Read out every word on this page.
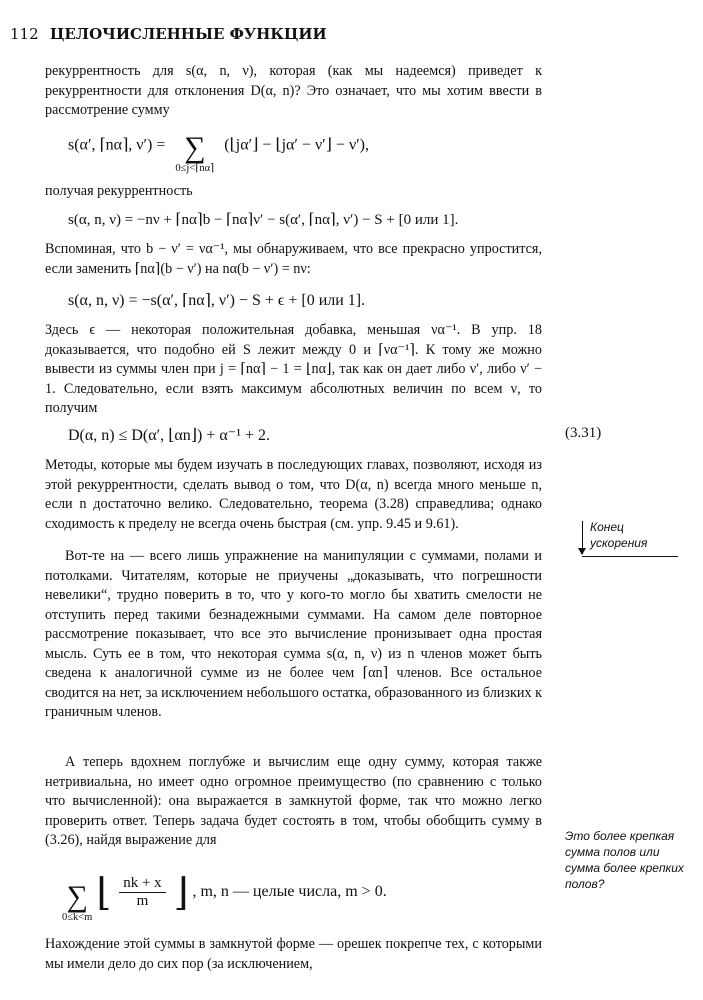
112 ЦЕЛОЧИСЛЕННЫЕ ФУНКЦИИ

рекуррентность для s(α, n, ν), которая (как мы надеемся) приведет к рекуррентности для отклонения D(α, n)? Это означает, что мы хотим ввести в рассмотрение сумму

s(α′, ⌈nα⌉, ν′) = ∑
0≤j<⌈nα⌉
(⌊jα′⌋ − ⌊jα′ − ν′⌋ − ν′),

получая рекуррентность

s(α, n, ν) = −nν + ⌈nα⌉b − ⌈nα⌉ν′ − s(α′, ⌈nα⌉, ν′) − S + [0 или 1].

Вспоминая, что b − ν′ = να⁻¹, мы обнаруживаем, что все прекрасно упростится, если заменить ⌈nα⌉(b − ν′) на nα(b − ν′) = nν:

s(α, n, ν) = −s(α′, ⌈nα⌉, ν′) − S + ϵ + [0 или 1].

Здесь ϵ — некоторая положительная добавка, меньшая να⁻¹. В упр. 18 доказывается, что подобно ей S лежит между 0 и ⌈να⁻¹⌉. К тому же можно вывести из суммы член при j = ⌈nα⌉ − 1 = ⌊nα⌋, так как он дает либо ν′, либо ν′ − 1. Следовательно, если взять максимум абсолютных величин по всем ν, то получим

D(α, n) ≤ D(α′, ⌊αn⌋) + α⁻¹ + 2.	(3.31)

Методы, которые мы будем изучать в последующих главах, позволяют, исходя из этой рекуррентности, сделать вывод о том, что D(α, n) всегда много меньше n, если n достаточно велико. Следовательно, теорема (3.28) справедлива; однако сходимость к пределу не всегда очень быстрая (см. упр. 9.45 и 9.61).

Вот-те на — всего лишь упражнение на манипуляции с суммами, полами и потолками. Читателям, которые не приучены „доказывать, что погрешности невелики“, трудно поверить в то, что у кого-то могло бы хватить смелости не отступить перед такими безнадежными суммами. На самом деле повторное рассмотрение показывает, что все это вычисление пронизывает одна простая мысль. Суть ее в том, что некоторая сумма s(α, n, ν) из n членов может быть сведена к аналогичной сумме из не более чем ⌈αn⌉ членов. Все остальное сводится на нет, за исключением небольшого остатка, образованного из близких к граничным членов.

А теперь вдохнем поглубже и вычислим еще одну сумму, которая также нетривиальна, но имеет одно огромное преимущество (по сравнению с только что вычисленной): она выражается в замкнутой форме, так что можно легко проверить ответ. Теперь задача будет состоять в том, чтобы обобщить сумму в (3.26), найдя выражение для

∑
0≤k<m
⌊ $\frac{nk + x}{m}$ ⌋ , m, n — целые числа, m > 0.

Нахождение этой суммы в замкнутой форме — орешек покрепче тех, с которыми мы имели дело до сих пор (за исключением,

Конец
ускорения
Это более крепкая сумма полов или сумма более крепких полов?
